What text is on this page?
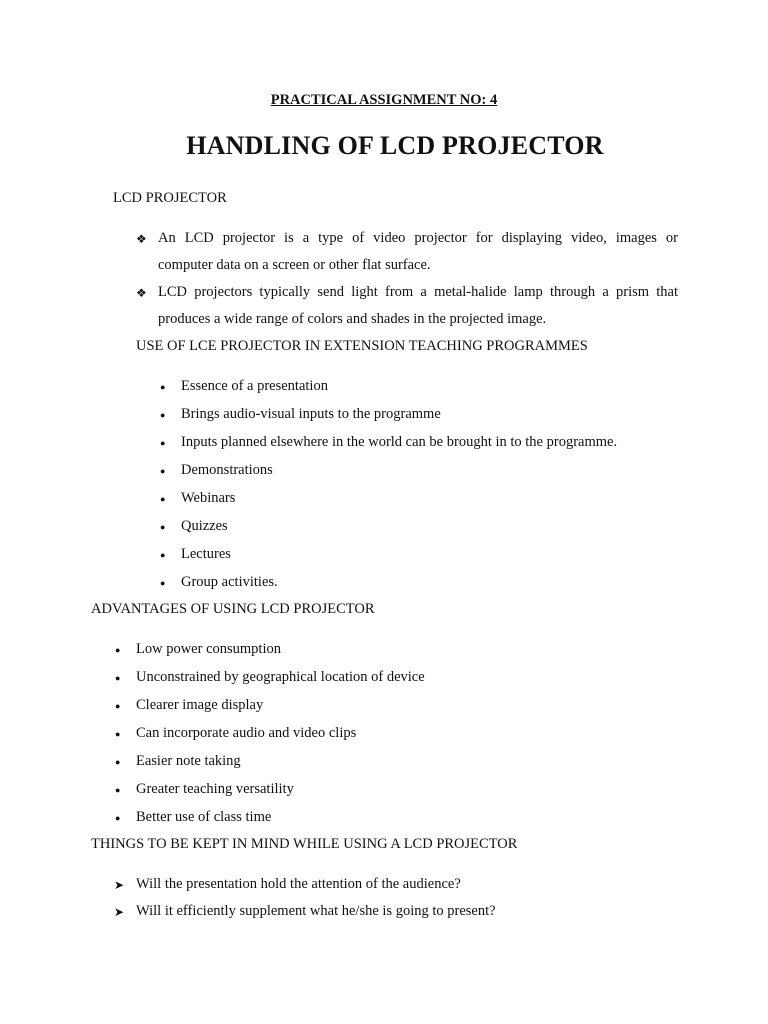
PRACTICAL ASSIGNMENT NO: 4
HANDLING OF LCD PROJECTOR
LCD PROJECTOR
❖ An LCD projector is a type of video projector for displaying video, images or
computer data on a screen or other flat surface.
❖ LCD projectors typically send light from a metal-halide lamp through a prism that
produces a wide range of colors and shades in the projected image.
USE OF LCE PROJECTOR IN EXTENSION TEACHING PROGRAMMES
● Essence of a presentation
● Brings audio-visual inputs to the programme
● Inputs planned elsewhere in the world can be brought in to the programme.
● Demonstrations
● Webinars
● Quizzes
● Lectures
● Group activities.
ADVANTAGES OF USING LCD PROJECTOR
● Low power consumption
● Unconstrained by geographical location of device
● Clearer image display
● Can incorporate audio and video clips
● Easier note taking
● Greater teaching versatility
● Better use of class time
THINGS TO BE KEPT IN MIND WHILE USING A LCD PROJECTOR
➤ Will the presentation hold the attention of the audience?
➤ Will it efficiently supplement what he/she is going to present?
